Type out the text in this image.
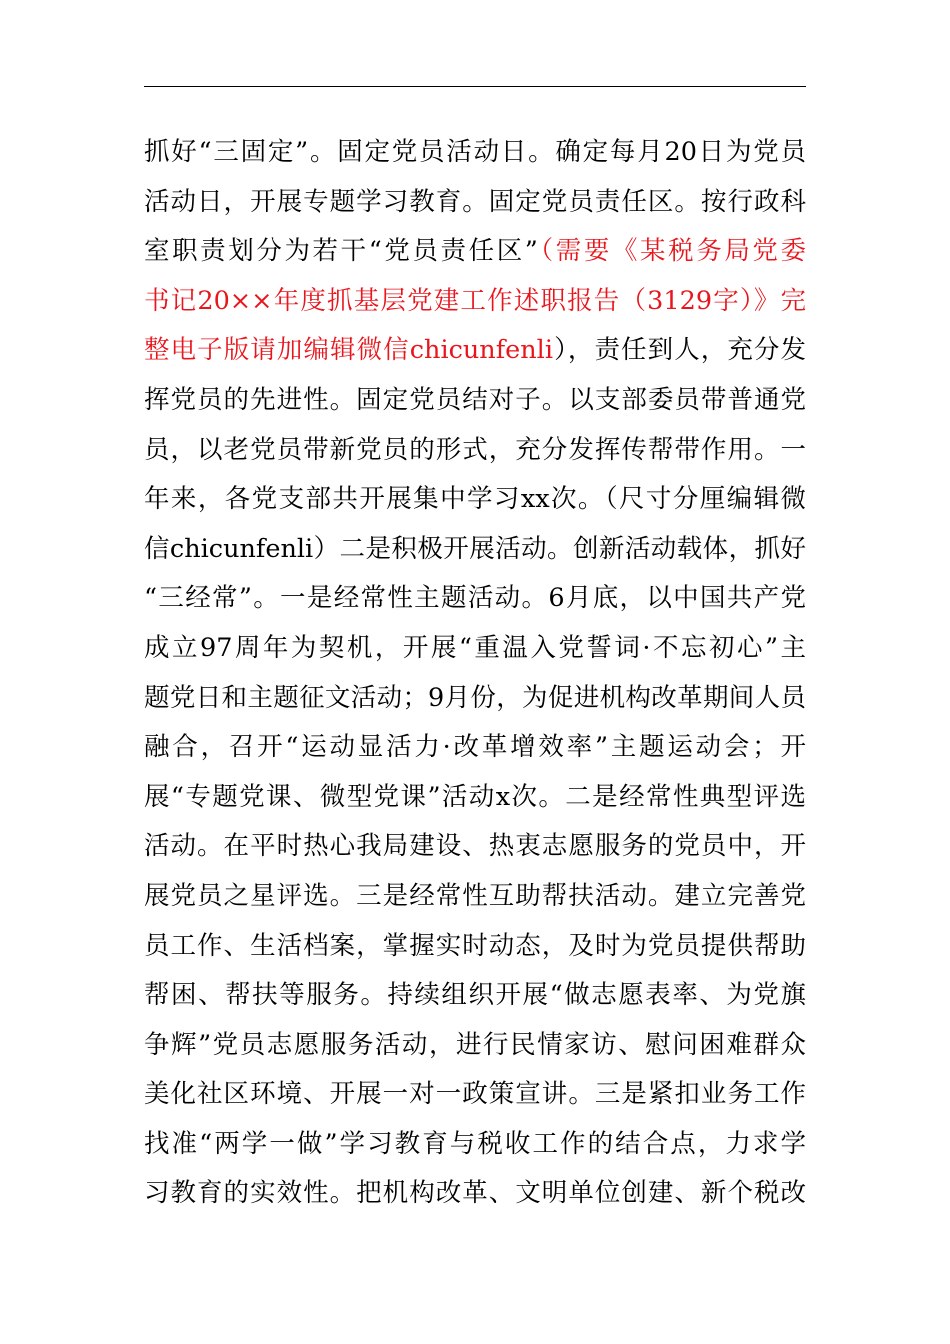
抓好“三固定”。固定党员活动日。确定每月20日为党员
活动日，开展专题学习教育。固定党员责任区。按行政科
室职责划分为若干“党员责任区”（需要《某税务局党委
书记20××年度抓基层党建工作述职报告（3129字）》完
整电子版请加编辑微信chicunfenli），责任到人，充分发
挥党员的先进性。固定党员结对子。以支部委员带普通党
员，以老党员带新党员的形式，充分发挥传帮带作用。一
年来，各党支部共开展集中学习xx次。（尺寸分厘编辑微
信chicunfenli）二是积极开展活动。创新活动载体，抓好
“三经常”。一是经常性主题活动。6月底，以中国共产党
成立97周年为契机，开展“重温入党誓词·不忘初心”主
题党日和主题征文活动；9月份，为促进机构改革期间人员
融合，召开“运动显活力·改革增效率”主题运动会；开
展“专题党课、微型党课”活动x次。二是经常性典型评选
活动。在平时热心我局建设、热衷志愿服务的党员中，开
展党员之星评选。三是经常性互助帮扶活动。建立完善党
员工作、生活档案，掌握实时动态，及时为党员提供帮助
帮困、帮扶等服务。持续组织开展“做志愿表率、为党旗
争辉”党员志愿服务活动，进行民情家访、慰问困难群众
美化社区环境、开展一对一政策宣讲。三是紧扣业务工作
找准“两学一做”学习教育与税收工作的结合点，力求学
习教育的实效性。把机构改革、文明单位创建、新个税改
